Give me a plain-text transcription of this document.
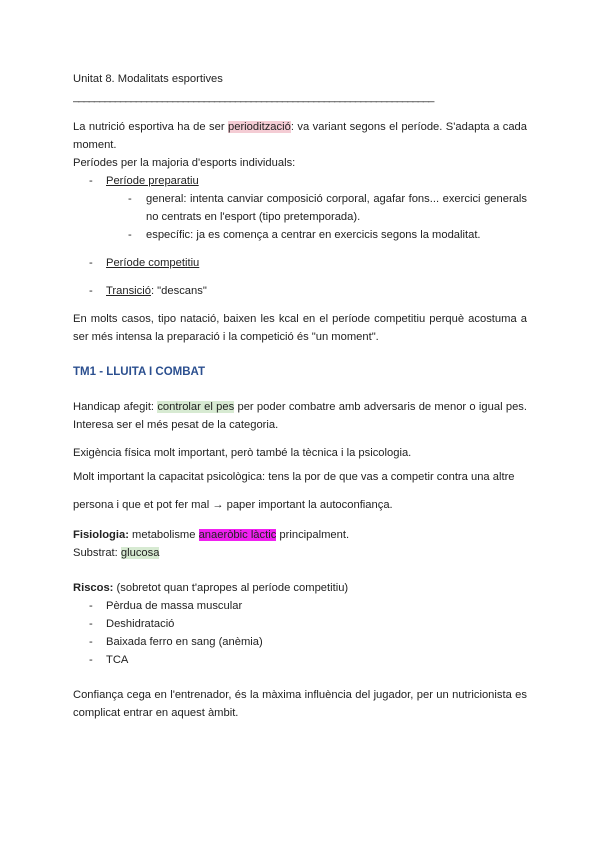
Unitat 8. Modalitats esportives

_____________________________________________________________________

La nutrició esportiva ha de ser periodització: va variant segons el període. S'adapta a cada moment.

Períodes per la majoria d'esports individuals:

- Període preparatiu

-	general: intenta canviar composició corporal, agafar fons... exercici generals no centrats en l'esport (tipo pretemporada).

-	específic: ja es comença a centrar en exercicis segons la modalitat.

- Període competitiu

- Transició: "descans"

En molts casos, tipo natació, baixen les kcal en el període competitiu perquè acostuma a ser més intensa la preparació i la competició és "un moment".

TM1 - LLUITA I COMBAT

Handicap afegit: controlar el pes per poder combatre amb adversaris de menor o igual pes. Interesa ser el més pesat de la categoria.

Exigència física molt important, però també la tècnica i la psicologia.

Molt important la capacitat psicològica: tens la por de que vas a competir contra una altre

persona i que et pot fer mal → paper important la autoconfiança.

Fisiologia: metabolisme anaeròbic làctic principalment.

Substrat: glucosa

Riscos: (sobretot quan t'apropes al període competitiu)

- Pèrdua de massa muscular

- Deshidratació

- Baixada ferro en sang (anèmia)

- TCA

Confiança cega en l'entrenador, és la màxima influència del jugador, per un nutricionista es complicat entrar en aquest àmbit.
